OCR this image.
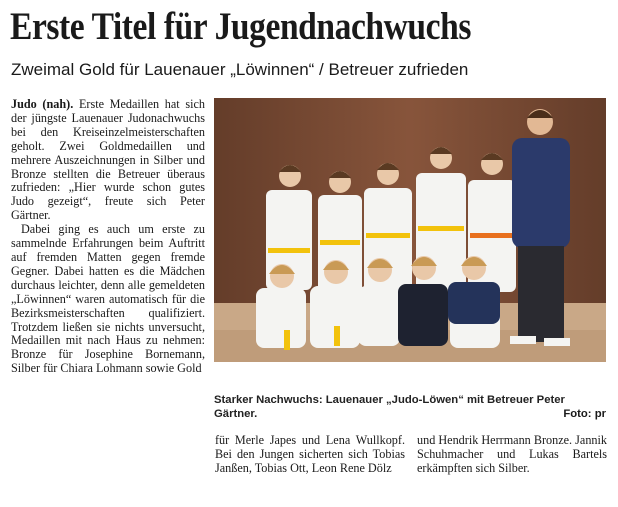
Erste Titel für Jugendnachwuchs
Zweimal Gold für Lauenauer „Löwinnen“ / Betreuer zufrieden

Judo (nah). Erste Medaillen hat sich der jüngste Lauenauer Judonachwuchs bei den Kreiseinzelmeisterschaften geholt. Zwei Goldmedaillen und mehrere Auszeichnungen in Silber und Bronze stellten die Betreuer überaus zufrieden: „Hier wurde schon gutes Judo gezeigt“, freute sich Peter Gärtner.

Dabei ging es auch um erste zu sammelnde Erfahrungen beim Auftritt auf fremden Matten gegen fremde Gegner. Dabei hatten es die Mädchen durchaus leichter, denn alle gemeldeten „Löwinnen“ waren automatisch für die Bezirksmeisterschaften qualifiziert. Trotzdem ließen sie nichts unversucht, Medaillen mit nach Haus zu nehmen: Bronze für Josephine Bornemann, Silber für Chiara Lohmann sowie Gold

Starker Nachwuchs: Lauenauer „Judo-Löwen“ mit Betreuer Peter Gärtner.	Foto: pr
für Merle Japes und Lena Wullkopf. Bei den Jungen sicherten sich Tobias Janßen, Tobias Ott, Leon Rene Dölz
und Hendrik Herrmann Bronze. Jannik Schuhmacher und Lukas Bartels erkämpften sich Silber.
